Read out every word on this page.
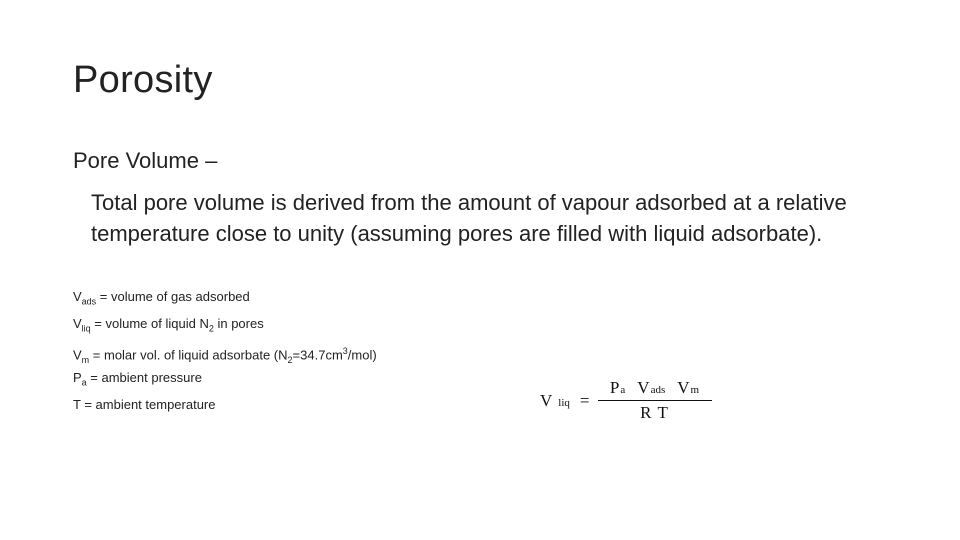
Porosity
Pore Volume –
Total pore volume is derived from the amount of vapour adsorbed at a relative temperature close to unity (assuming pores are filled with liquid adsorbate).
$V_{ads}$ = volume of gas adsorbed
$V_{liq}$ = volume of liquid $N_2$ in pores
$V_m$ = molar vol. of liquid adsorbate $(N_2=34.7cm^3/mol)$
$P_a$ = ambient pressure
T = ambient temperature	V liq = $\frac{\text{Pa Vads Vm}}{\text{R T}}$
